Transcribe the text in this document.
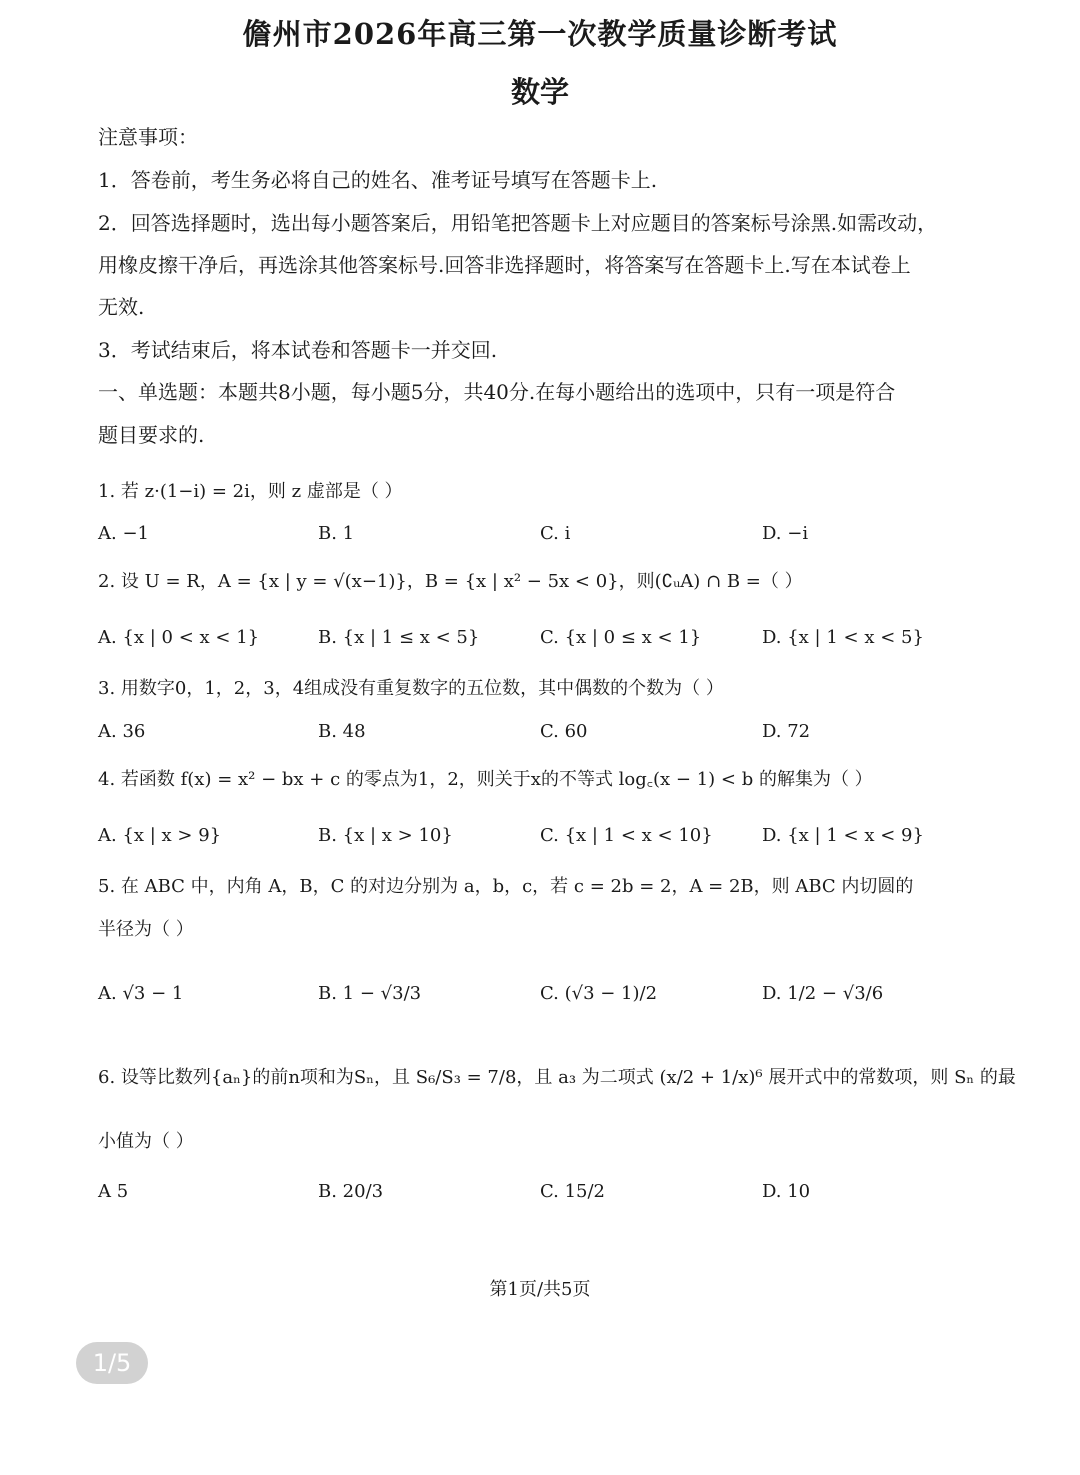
儋州市2026年高三第一次教学质量诊断考试
数学
注意事项：
1．答卷前，考生务必将自己的姓名、准考证号填写在答题卡上.
2．回答选择题时，选出每小题答案后，用铅笔把答题卡上对应题目的答案标号涂黑.如需改动，
用橡皮擦干净后，再选涂其他答案标号.回答非选择题时，将答案写在答题卡上.写在本试卷上
无效.
3．考试结束后，将本试卷和答题卡一并交回.
一、单选题：本题共8小题，每小题5分，共40分.在每小题给出的选项中，只有一项是符合
题目要求的.
1. 若 z·(1−i) = 2i，则 z 虚部是（ ）
A. −1	B. 1	C. i	D. −i
2. 设 U = R，A = {x | y = √(x−1)}，B = {x | x² − 5x < 0}，则(∁ᵤA) ∩ B =（ ）
A. {x | 0 < x < 1}	B. {x | 1 ≤ x < 5}	C. {x | 0 ≤ x < 1}	D. {x | 1 < x < 5}
3. 用数字0，1，2，3，4组成没有重复数字的五位数，其中偶数的个数为（ ）
A. 36	B. 48	C. 60	D. 72
4. 若函数 f(x) = x² − bx + c 的零点为1，2，则关于x的不等式 log꜀(x − 1) < b 的解集为（ ）
A. {x | x > 9}	B. {x | x > 10}	C. {x | 1 < x < 10}	D. {x | 1 < x < 9}
5. 在 ABC 中，内角 A，B，C 的对边分别为 a，b，c，若 c = 2b = 2，A = 2B，则 ABC 内切圆的
半径为（ ）
A. √3 − 1	B. 1 − √3/3	C. (√3 − 1)/2	D. 1/2 − √3/6
6. 设等比数列{aₙ}的前n项和为Sₙ，且 S₆/S₃ = 7/8，且 a₃ 为二项式 (x/2 + 1/x)⁶ 展开式中的常数项，则 Sₙ 的最
小值为（ ）
A 5	B. 20/3	C. 15/2	D. 10
第1页/共5页
1/5
